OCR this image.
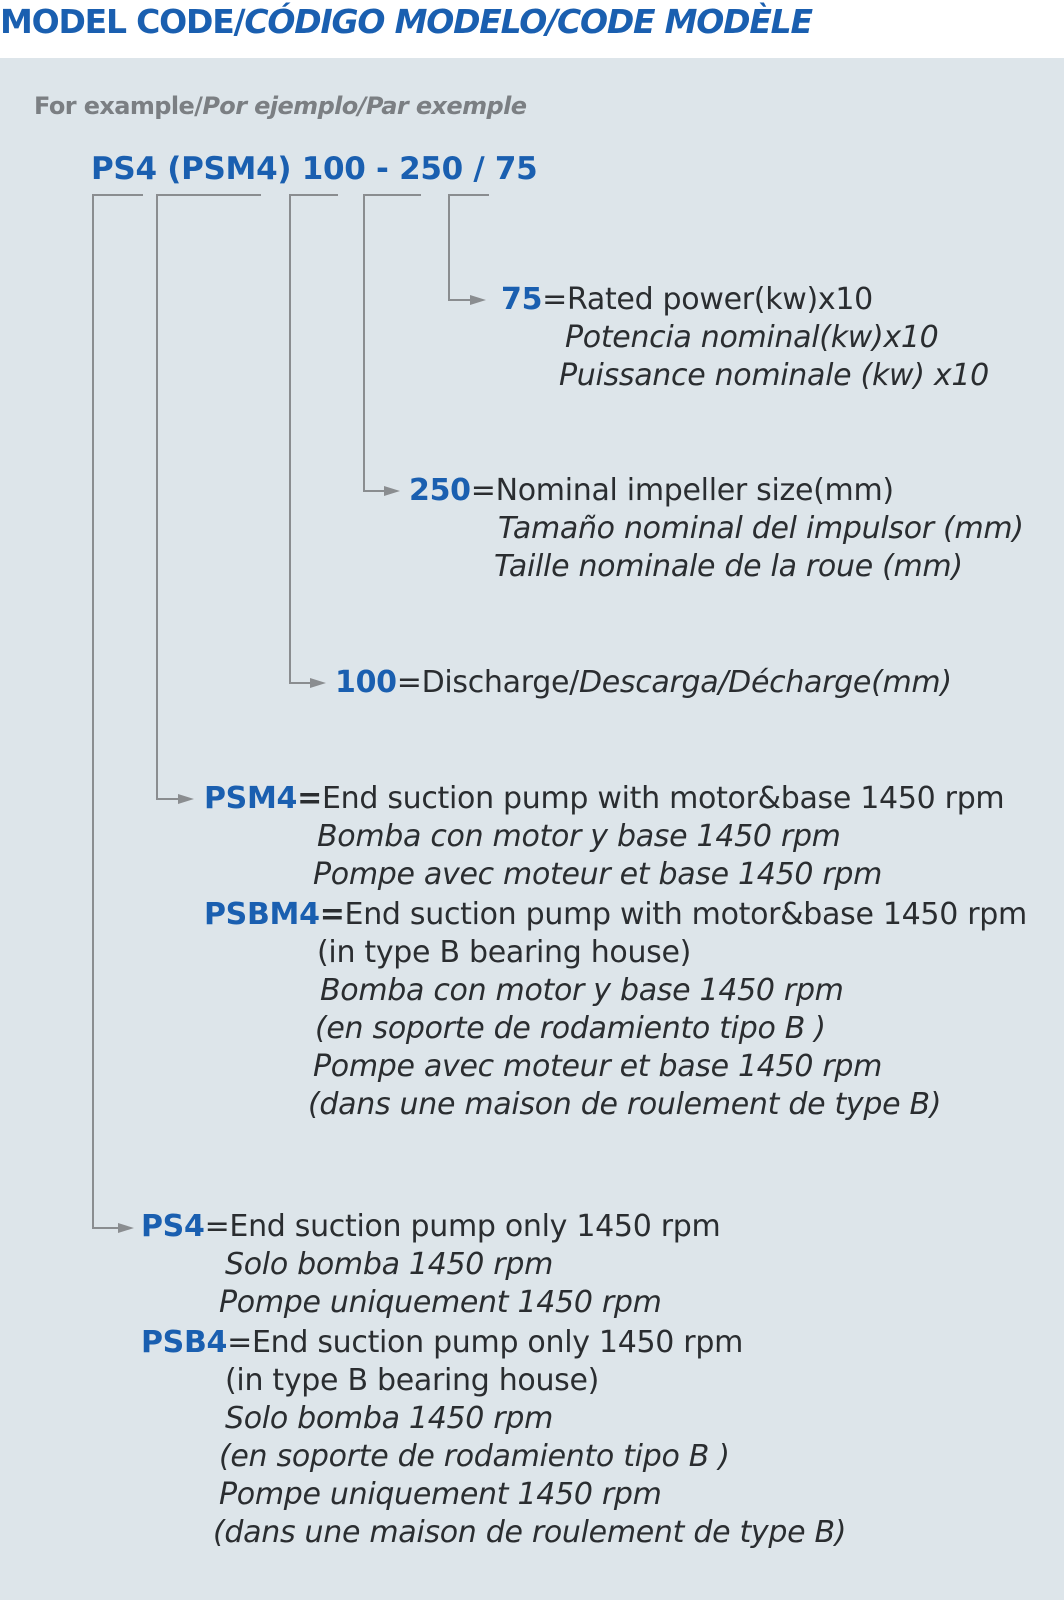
MODEL CODE/CÓDIGO MODELO/CODE MODÈLE
For example/Por ejemplo/Par exemple
PS4 (PSM4) 100 - 250 / 75
75=Rated power(kw)x10
Potencia nominal(kw)x10
Puissance nominale (kw) x10
250=Nominal impeller size(mm)
Tamaño nominal del impulsor (mm)
Taille nominale de la roue (mm)
100=Discharge/Descarga/Décharge(mm)
PSM4=End suction pump with motor&base 1450 rpm
Bomba con motor y base 1450 rpm
Pompe avec moteur et base 1450 rpm
PSBM4=End suction pump with motor&base 1450 rpm
(in type B bearing house)
Bomba con motor y base 1450 rpm
(en soporte de rodamiento tipo B )
Pompe avec moteur et base 1450 rpm
(dans une maison de roulement de type B)
PS4=End suction pump only 1450 rpm
Solo bomba 1450 rpm
Pompe uniquement 1450 rpm
PSB4=End suction pump only 1450 rpm
(in type B bearing house)
Solo bomba 1450 rpm
(en soporte de rodamiento tipo B )
Pompe uniquement 1450 rpm
(dans une maison de roulement de type B)
